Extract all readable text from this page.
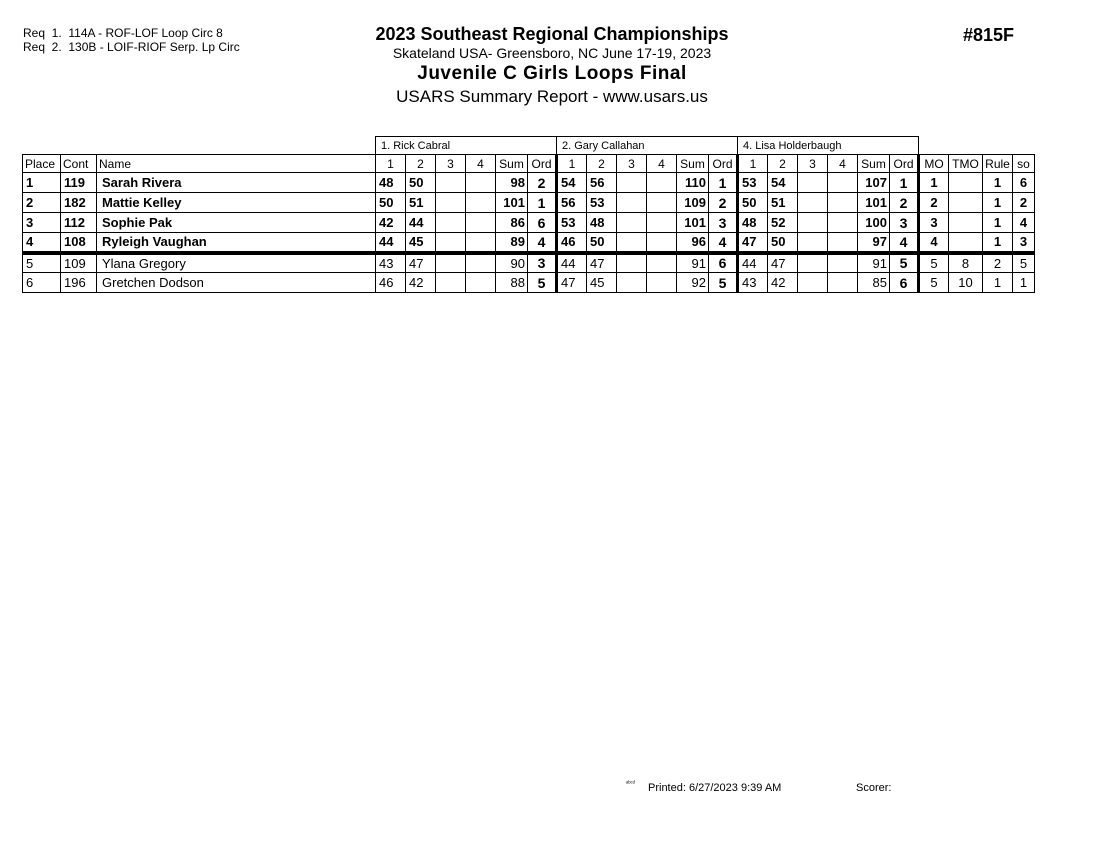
Req  1.  114A - ROF-LOF Loop Circ 8
Req  2.  130B - LOIF-RIOF Serp. Lp Circ
2023 Southeast Regional Championships
Skateland USA- Greensboro, NC June 17-19, 2023
Juvenile C Girls Loops Final
USARS Summary Report - www.usars.us
#815F
			1. Rick Cabral						2. Gary Callahan						4. Lisa Holderbaugh									
Place	Cont	Name	1	2	3	4	Sum	Ord	1	2	3	4	Sum	Ord	1	2	3	4	Sum	Ord	MO	TMO	Rule	so
1	119	Sarah Rivera	48	50			98	2	54	56			110	1	53	54			107	1	1		1	6
2	182	Mattie Kelley	50	51			101	1	56	53			109	2	50	51			101	2	2		1	2
3	112	Sophie Pak	42	44			86	6	53	48			101	3	48	52			100	3	3		1	4
4	108	Ryleigh Vaughan	44	45			89	4	46	50			96	4	47	50			97	4	4		1	3
5	109	Ylana Gregory	43	47			90	3	44	47			91	6	44	47			91	5	5	8	2	5
6	196	Gretchen Dodson	46	42			88	5	47	45			92	5	43	42			85	6	5	10	1	1
ᵃᵇᶜᵈ Printed: 6/27/2023 9:39 AM	Scorer:
